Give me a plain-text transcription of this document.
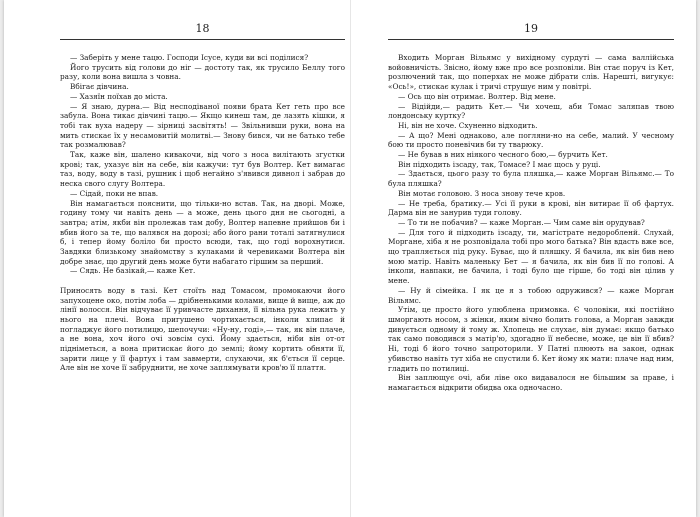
18

— Заберіть у мене тацю. Господи Ісусе, куди ви всі поділися?

Його трусить від голови до ніг — достоту так, як трусило Беллу того разу, коли вона вишла з човна.

Вбігає дівчина.

— Хазяїн поїхав до міста.

— Я знаю, дурна.— Від несподіваної появи брата Кет геть про все забула. Вона тикає дівчині тацю.— Якщо кинеш там, де лазять кішки, я тобі так вуха надеру — зірниці засвітять! — Звільнивши руки, вона на мить стискає їх у несамовитій молитві.— Знову бився, чи не батько тебе так розмалював?

Так, каже він, шалено кивакочи, від чого з носа вилітають згустки крові; так, ухазує він на себе, віи кажучи: тут був Волтер. Кет вимагає таз, воду, воду в тазі, рушник і щоб негайно з'явився дивнол і забрав до неска свого слугу Волтера.

— Сідай, поки не впав.

Він намагається пояснити, що тільки-но встав. Так, на дворі. Може, годину тому чи навіть день — а може, день цього дня не сьогодні, а завтра; атім, якби він пролежав там добу, Волтер напевне прийшов би і вбив його за те, що валявся на дорозі; або його рани тоталі затягнулися б, і тепер йому боліло би просто всюди, так, що годі ворохнутися. Завдяки близькому знайомству з кулаками й черевиками Волтера він добре знає, що другий день може бути набагато гіршим за перший.

— Сядь. Не базікай,— каже Кет.

Приносять воду в тазі. Кет стоїть над Томасом, промокаючи його запухоцене око, потім лоба — дрібненькими колами, вище й вище, аж до лінії волосся. Він відчуває її уривчасте дихання, її вільна рука лежить у нього на плечі. Вона пригушено чортихається, інколи хлипає й погладжує його потилицю, шепочучи: «Ну-ну, годі»,— так, як він плаче, а не вона, хоч його очі зовсім сухі. Йому здається, ніби він от-от підніметься, а вона притискає його до землі; йому кортить обняти її, зарити лице у її фартух і там завмерти, слухаючи, як б'ється її серце. Але він не хоче її забруднити, не хоче заплямувати кров'ю її плаття.

19

Входить Морган Вільямс у вихідному сурдуті — сама валлійська войовничість. Звісно, йому вже про все розповіли. Він стає поруч із Кет, розлючений так, що поперхах не може дібрати слів. Нарешті, вигукує: «Ось!», стискає кулак і тричі струшує ним у повітрі.

— Ось що він отримає. Волтер. Від мене.

— Відійди,— радить Кет.— Чи хочеш, аби Томас заляпав твою лондонську куртку?

Ні, він не хоче. Схуненно відходить.

— А що? Мені однаково, але погляни-но на себе, малий. У чесному бою ти просто поневічив би ту тварюку.

— Не бував в них ніякого чесного бою,— бурчить Кет.

Він підходить ізсаду, так, Томасе? І має щось у руці.

— Здається, цього разу то була пляшка,— каже Морган Вільямс.— То була пляшка?

Він мотає головою. З носа знову тече кров.

— Не треба, братику.— Усі її руки в крові, він витирає її об фартух. Дарма він не занурив туди голову.

— То ти не побачив? — каже Морган.— Чим саме він орудував?

— Для того й підходить ізсаду, ти, магістрате недоробленй. Слухай, Моргане, хіба я не розповідала тобі про мого батька? Він вдасть вже все, що трапляється під руку. Буває, що й пляшку. Я бачила, як він бив нею мою матір. Навіть маленьку Бет — я бачила, як він бив її по голові. А інколи, навпаки, не бачила, і тоді було ще гірше, бо тоді він цілив у мене.

— Ну й сімейка. І як це я з тобою одружився? — каже Морган Вільямс.

Утім, це просто його улюблена примовка. Є чоловіки, які постійно шморгають носом, з жінки, яким вічно болить голова, а Морган завжди дивується одному й тому ж. Хлопець не слухає, він думає: якщо батько так само поводився з матір'ю, здогадно її небесне, може, це він її вбив? Ні, тоді б його точно запроторили. У Патні плюють на закон, однак убивство навіть тут хіба не спустили б. Кет йому як мати: плаче над ним, гладить по потилиці.

Він заплющує очі, аби ліве око видавалося не більшим за праве, і намагається відкрити обидва ока одночасно.
